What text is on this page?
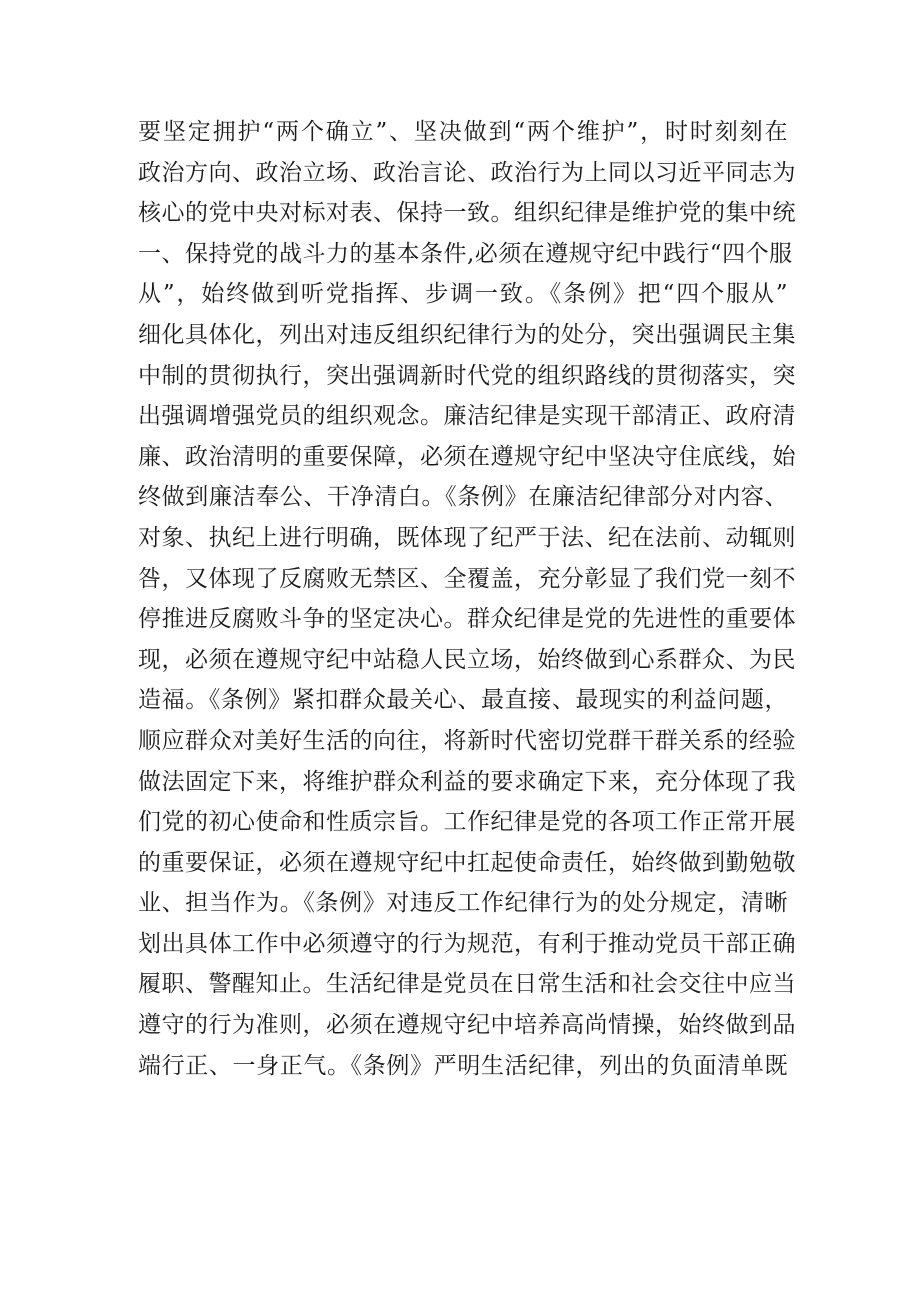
要坚定拥护“两个确立”、坚决做到“两个维护”，时时刻刻在
政治方向、政治立场、政治言论、政治行为上同以习近平同志为
核心的党中央对标对表、保持一致。组织纪律是维护党的集中统
一、保持党的战斗力的基本条件,必须在遵规守纪中践行“四个服
从”，始终做到听党指挥、步调一致。《条例》把“四个服从”
细化具体化，列出对违反组织纪律行为的处分，突出强调民主集
中制的贯彻执行，突出强调新时代党的组织路线的贯彻落实，突
出强调增强党员的组织观念。廉洁纪律是实现干部清正、政府清
廉、政治清明的重要保障，必须在遵规守纪中坚决守住底线，始
终做到廉洁奉公、干净清白。《条例》在廉洁纪律部分对内容、
对象、执纪上进行明确，既体现了纪严于法、纪在法前、动辄则
咎，又体现了反腐败无禁区、全覆盖，充分彰显了我们党一刻不
停推进反腐败斗争的坚定决心。群众纪律是党的先进性的重要体
现，必须在遵规守纪中站稳人民立场，始终做到心系群众、为民
造福。《条例》紧扣群众最关心、最直接、最现实的利益问题，
顺应群众对美好生活的向往，将新时代密切党群干群关系的经验
做法固定下来，将维护群众利益的要求确定下来，充分体现了我
们党的初心使命和性质宗旨。工作纪律是党的各项工作正常开展
的重要保证，必须在遵规守纪中扛起使命责任，始终做到勤勉敬
业、担当作为。《条例》对违反工作纪律行为的处分规定，清晰
划出具体工作中必须遵守的行为规范，有利于推动党员干部正确
履职、警醒知止。生活纪律是党员在日常生活和社会交往中应当
遵守的行为准则，必须在遵规守纪中培养高尚情操，始终做到品
端行正、一身正气。《条例》严明生活纪律，列出的负面清单既
